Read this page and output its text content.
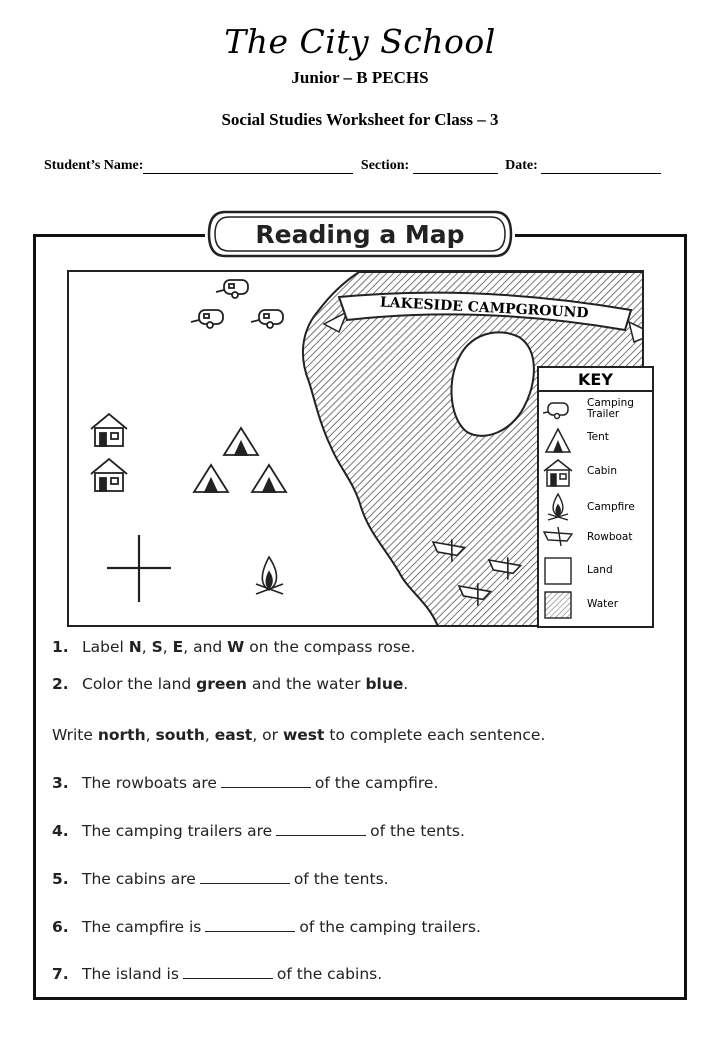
The City School
Junior – B PECHS
Social Studies Worksheet for Class – 3
Student’s Name:	Section:	Date:
Reading a Map
LAKESIDE CAMPGROUND
KEY
Camping Trailer
Tent
Cabin
Campfire
Rowboat
Land
Water
1. Label N, S, E, and W on the compass rose.
2. Color the land green and the water blue.
Write north, south, east, or west to complete each sentence.
3. The rowboats are	of the campfire.
4. The camping trailers are	of the tents.
5. The cabins are	of the tents.
6. The campfire is	of the camping trailers.
7. The island is	of the cabins.
